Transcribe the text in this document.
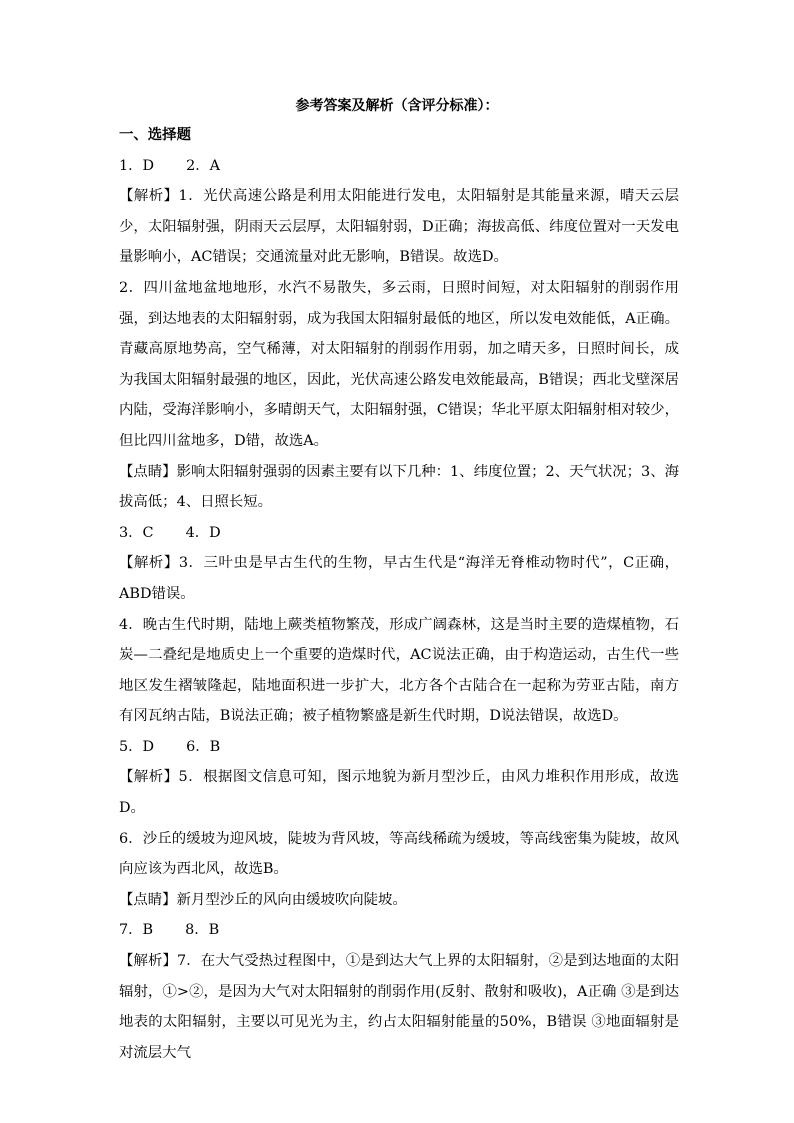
参考答案及解析（含评分标准）：

一、选择题

1．D 2．A

【解析】1．光伏高速公路是利用太阳能进行发电，太阳辐射是其能量来源，晴天云层少，太阳辐射强，阴雨天云层厚，太阳辐射弱，D正确；海拔高低、纬度位置对一天发电量影响小，AC错误；交通流量对此无影响，B错误。故选D。

2．四川盆地盆地地形，水汽不易散失，多云雨，日照时间短，对太阳辐射的削弱作用强，到达地表的太阳辐射弱，成为我国太阳辐射最低的地区，所以发电效能低，A正确。青藏高原地势高，空气稀薄，对太阳辐射的削弱作用弱，加之晴天多，日照时间长，成为我国太阳辐射最强的地区，因此，光伏高速公路发电效能最高，B错误；西北戈壁深居内陆，受海洋影响小，多晴朗天气，太阳辐射强，C错误；华北平原太阳辐射相对较少，但比四川盆地多，D错，故选A。

【点睛】影响太阳辐射强弱的因素主要有以下几种：1、纬度位置；2、天气状况；3、海拔高低；4、日照长短。

3．C 4．D

【解析】3．三叶虫是早古生代的生物，早古生代是“海洋无脊椎动物时代”，C正确，ABD错误。

4．晚古生代时期，陆地上蕨类植物繁茂，形成广阔森林，这是当时主要的造煤植物，石炭—二叠纪是地质史上一个重要的造煤时代，AC说法正确，由于构造运动，古生代一些地区发生褶皱隆起，陆地面积进一步扩大，北方各个古陆合在一起称为劳亚古陆，南方有冈瓦纳古陆，B说法正确；被子植物繁盛是新生代时期，D说法错误，故选D。

5．D 6．B

【解析】5．根据图文信息可知，图示地貌为新月型沙丘，由风力堆积作用形成，故选D。

6．沙丘的缓坡为迎风坡，陡坡为背风坡，等高线稀疏为缓坡，等高线密集为陡坡，故风向应该为西北风，故选B。

【点睛】新月型沙丘的风向由缓坡吹向陡坡。

7．B 8．B

【解析】7．在大气受热过程图中，①是到达大气上界的太阳辐射，②是到达地面的太阳辐射，①>②，是因为大气对太阳辐射的削弱作用(反射、散射和吸收)，A正确 ③是到达地表的太阳辐射，主要以可见光为主，约占太阳辐射能量的50%，B错误 ③地面辐射是对流层大气
